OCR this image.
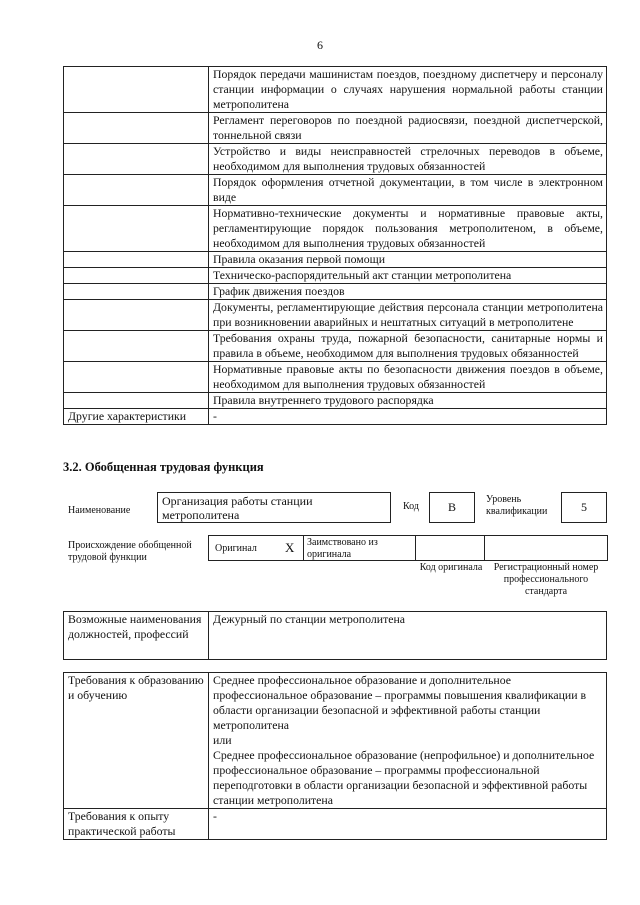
6
	Порядок передачи машинистам поездов, поездному диспетчеру и персоналу станции информации о случаях нарушения нормальной работы станции метрополитена
	Регламент переговоров по поездной радиосвязи, поездной диспетчерской, тоннельной связи
	Устройство и виды неисправностей стрелочных переводов в объеме, необходимом для выполнения трудовых обязанностей
	Порядок оформления отчетной документации, в том числе в электронном виде
	Нормативно-технические документы и нормативные правовые акты, регламентирующие порядок пользования метрополитеном, в объеме, необходимом для выполнения трудовых обязанностей
	Правила оказания первой помощи
	Техническо-распорядительный акт станции метрополитена
	График движения поездов
	Документы, регламентирующие действия персонала станции метрополитена при возникновении аварийных и нештатных ситуаций в метрополитене
	Требования охраны труда, пожарной безопасности, санитарные нормы и правила в объеме, необходимом для выполнения трудовых обязанностей
	Нормативные правовые акты по безопасности движения поездов в объеме, необходимом для выполнения трудовых обязанностей
	Правила внутреннего трудового распорядка
Другие характеристики	-
3.2. Обобщенная трудовая функция
Наименование
Организация работы станции метрополитена
Код	B
Уровень квалификации	5
Происхождение обобщенной трудовой функции
Оригинал X Заимствовано из оригинала
Код оригинала	Регистрационный номер профессионального стандарта
Возможные наименования должностей, профессий	Дежурный по станции метрополитена
Требования к образованию и обучению	Среднее профессиональное образование и дополнительное профессиональное образование – программы повышения квалификации в области организации безопасной и эффективной работы станции метрополитена

или

Среднее профессиональное образование (непрофильное) и дополнительное профессиональное образование – программы профессиональной переподготовки в области организации безопасной и эффективной работы станции метрополитена

Требования к опыту практической работы	-
